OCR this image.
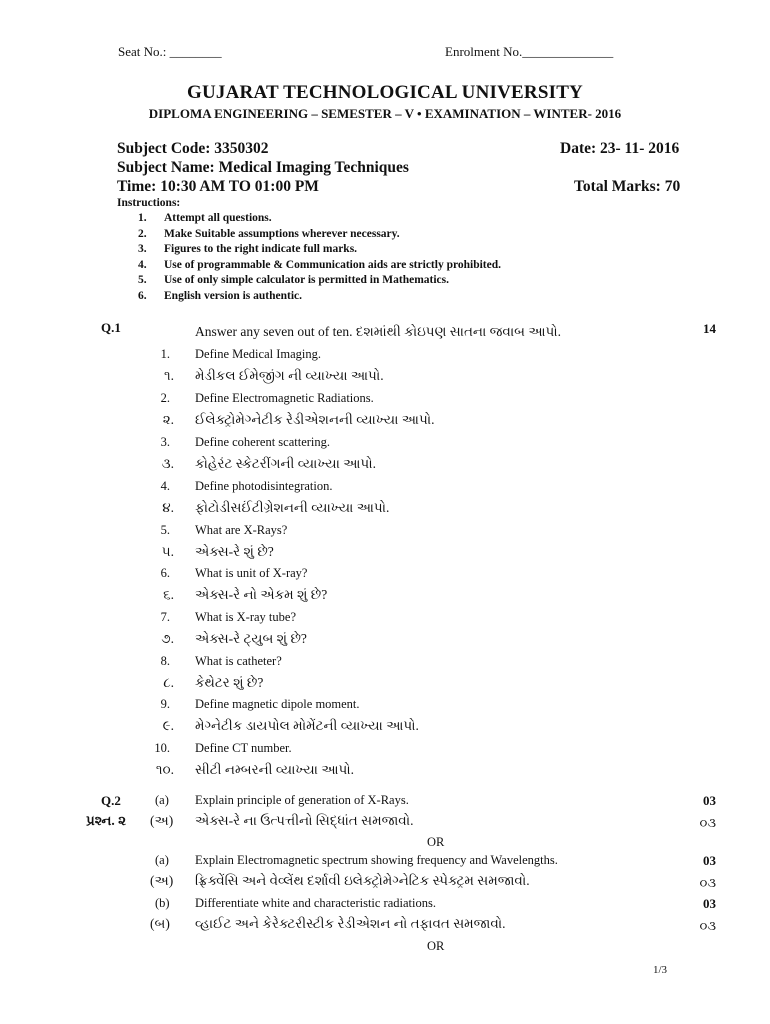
Seat No.: ________	Enrolment No.______________
GUJARAT TECHNOLOGICAL UNIVERSITY
DIPLOMA ENGINEERING – SEMESTER – V • EXAMINATION – WINTER- 2016
Subject Code: 3350302	Date: 23- 11- 2016
Subject Name: Medical Imaging Techniques
Time: 10:30 AM TO 01:00 PM	Total Marks: 70
Instructions:
1. Attempt all questions.
2. Make Suitable assumptions wherever necessary.
3. Figures to the right indicate full marks.
4. Use of programmable & Communication aids are strictly prohibited.
5. Use of only simple calculator is permitted in Mathematics.
6. English version is authentic.
Q.1	Answer any seven out of ten. દશમાંથી કોઇપણ સાતના જવાબ આપો.	14
1. Define Medical Imaging.
૧. મેડીકલ ઈમેજીંગ ની વ્યાખ્યા આપો.
2. Define Electromagnetic Radiations.
૨. ઈલેક્ટ્રોમેગ્નેટીક રેડીએશનની વ્યાખ્યા આપો.
3. Define coherent scattering.
૩. કોહેરંટ સ્કેટરીંગની વ્યાખ્યા આપો.
4. Define photodisintegration.
૪. ફોટોડીસઈંટીગ્રેશનની વ્યાખ્યા આપો.
5. What are X-Rays?
૫. એક્સ-રે શું છે?
6. What is unit of X-ray?
૬. એક્સ-રે નો એકમ શું છે?
7. What is X-ray tube?
૭. એક્સ-રે ટ્યુબ શું છે?
8. What is catheter?
૮. કેથેટર શું છે?
9. Define magnetic dipole moment.
૯. મેગ્નેટીક ડાયપોલ મોમેંટની વ્યાખ્યા આપો.
10. Define CT number.
૧૦. સીટી નમ્બરની વ્યાખ્યા આપો.
Q.2
પ્રશ્ન. ૨
(a) Explain principle of generation of X-Rays.	03
(અ) એક્સ-રે ના ઉત્પત્તીનો સિદ્ધાંત સમજાવો.	૦૩
OR
(a) Explain Electromagnetic spectrum showing frequency and Wavelengths.	03
(અ) ફ્રિક્વેંસિ અને વેવ્લેંથ દર્શાવી ઇલેક્ટ્રોમેગ્નેટિક સ્પેક્ટ્રમ સમજાવો.	૦૩
(b) Differentiate white and characteristic radiations.	03
(બ) વ્હાઈટ અને કેરેક્ટરીસ્ટીક રેડીએશન નો તફાવત સમજાવો.	૦૩
OR
1/3
